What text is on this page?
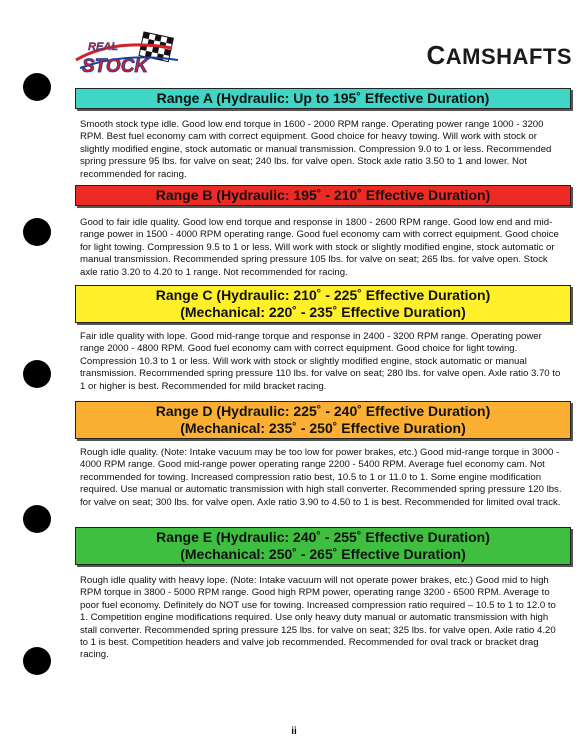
REAL
STOCK	CAMSHAFTS
Range A (Hydraulic: Up to 195˚ Effective Duration)
Smooth stock type idle. Good low end torque in 1600 - 2000 RPM range. Operating power range 1000 - 3200 RPM. Best fuel economy cam with correct equipment. Good choice for heavy towing. Will work with stock or slightly modified engine, stock automatic or manual transmission. Compression 9.0 to 1 or less. Recommended spring pressure 95 lbs. for valve on seat; 240 lbs. for valve open. Stock axle ratio 3.50 to 1 and lower. Not recommended for racing.
Range B (Hydraulic: 195˚ - 210˚ Effective Duration)
Good to fair idle quality. Good low end torque and response in 1800 - 2600 RPM range. Good low end and mid-range power in 1500 - 4000 RPM operating range. Good fuel economy cam with correct equipment. Good choice for light towing. Compression 9.5 to 1 or less. Will work with stock or slightly modified engine, stock automatic or manual transmission. Recommended spring pressure 105 lbs. for valve on seat; 265 lbs. for valve open. Stock axle ratio 3.20 to 4.20 to 1 range. Not recommended for racing.
Range C (Hydraulic: 210˚ - 225˚ Effective Duration)
(Mechanical: 220˚ - 235˚ Effective Duration)
Fair idle quality with lope. Good mid-range torque and response in 2400 - 3200 RPM range. Operating power range 2000 - 4800 RPM. Good fuel economy cam with correct equipment. Good choice for light towing. Compression 10.3 to 1 or less. Will work with stock or slightly modified engine, stock automatic or manual transmission. Recommended spring pressure 110 lbs. for valve on seat; 280 lbs. for valve open. Axle ratio 3.70 to 1 or higher is best. Recommended for mild bracket racing.
Range D (Hydraulic: 225˚ - 240˚ Effective Duration)
(Mechanical: 235˚ - 250˚ Effective Duration)
Rough idle quality. (Note: Intake vacuum may be too low for power brakes, etc.) Good mid-range torque in 3000 - 4000 RPM range. Good mid-range power operating range 2200 - 5400 RPM. Average fuel economy cam. Not recommended for towing. Increased compression ratio best, 10.5 to 1 or 11.0 to 1. Some engine modification required. Use manual or automatic transmission with high stall converter. Recommended spring pressure 120 lbs. for valve on seat; 300 lbs. for valve open. Axle ratio 3.90 to 4.50 to 1 is best. Recommended for limited oval track.
Range E (Hydraulic: 240˚ - 255˚ Effective Duration)
(Mechanical: 250˚ - 265˚ Effective Duration)
Rough idle quality with heavy lope. (Note: Intake vacuum will not operate power brakes, etc.) Good mid to high RPM torque in 3800 - 5000 RPM range. Good high RPM power, operating range 3200 - 6500 RPM. Average to poor fuel economy. Definitely do NOT use for towing. Increased compression ratio required – 10.5 to 1 to 12.0 to 1. Competition engine modifications required. Use only heavy duty manual or automatic transmission with high stall converter. Recommended spring pressure 125 lbs. for valve on seat; 325 lbs. for valve open. Axle ratio 4.20 to 1 is best. Competition headers and valve job recommended. Recommended for oval track or bracket drag racing.
ii
